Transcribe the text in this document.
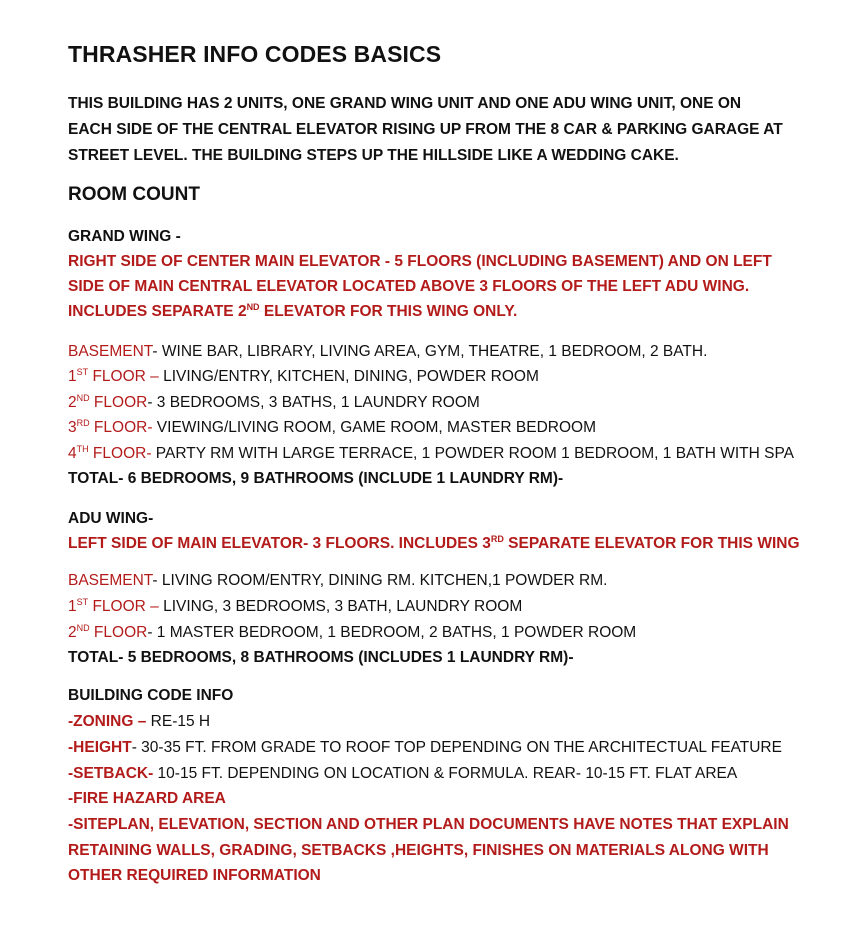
THRASHER INFO CODES BASICS
THIS BUILDING HAS 2 UNITS, ONE GRAND WING UNIT AND ONE ADU WING UNIT, ONE ON
EACH SIDE OF THE CENTRAL ELEVATOR RISING UP FROM THE 8 CAR & PARKING GARAGE AT
STREET LEVEL. THE BUILDING STEPS UP THE HILLSIDE LIKE A WEDDING CAKE.
ROOM COUNT
GRAND WING -
RIGHT SIDE OF CENTER MAIN ELEVATOR - 5 FLOORS (INCLUDING BASEMENT) AND ON LEFT
SIDE OF MAIN CENTRAL ELEVATOR LOCATED ABOVE 3 FLOORS OF THE LEFT ADU WING.
INCLUDES SEPARATE 2ND ELEVATOR FOR THIS WING ONLY.
BASEMENT- WINE BAR, LIBRARY, LIVING AREA, GYM, THEATRE, 1 BEDROOM, 2 BATH.
1ST FLOOR – LIVING/ENTRY, KITCHEN, DINING, POWDER ROOM
2ND FLOOR- 3 BEDROOMS, 3 BATHS, 1 LAUNDRY ROOM
3RD FLOOR- VIEWING/LIVING ROOM, GAME ROOM, MASTER BEDROOM
4TH FLOOR- PARTY RM WITH LARGE TERRACE, 1 POWDER ROOM 1 BEDROOM, 1 BATH WITH SPA
TOTAL- 6 BEDROOMS, 9 BATHROOMS (INCLUDE 1 LAUNDRY RM)-
ADU WING-
LEFT SIDE OF MAIN ELEVATOR- 3 FLOORS. INCLUDES 3RD SEPARATE ELEVATOR FOR THIS WING
BASEMENT- LIVING ROOM/ENTRY, DINING RM. KITCHEN,1 POWDER RM.
1ST FLOOR – LIVING, 3 BEDROOMS, 3 BATH, LAUNDRY ROOM
2ND FLOOR- 1 MASTER BEDROOM, 1 BEDROOM, 2 BATHS, 1 POWDER ROOM
TOTAL- 5 BEDROOMS, 8 BATHROOMS (INCLUDES 1 LAUNDRY RM)-
BUILDING CODE INFO
-ZONING – RE-15 H
-HEIGHT- 30-35 FT. FROM GRADE TO ROOF TOP DEPENDING ON THE ARCHITECTUAL FEATURE
-SETBACK- 10-15 FT. DEPENDING ON LOCATION & FORMULA. REAR- 10-15 FT. FLAT AREA
-FIRE HAZARD AREA
-SITEPLAN, ELEVATION, SECTION AND OTHER PLAN DOCUMENTS HAVE NOTES THAT EXPLAIN
RETAINING WALLS, GRADING, SETBACKS ,HEIGHTS, FINISHES ON MATERIALS ALONG WITH
OTHER REQUIRED INFORMATION
